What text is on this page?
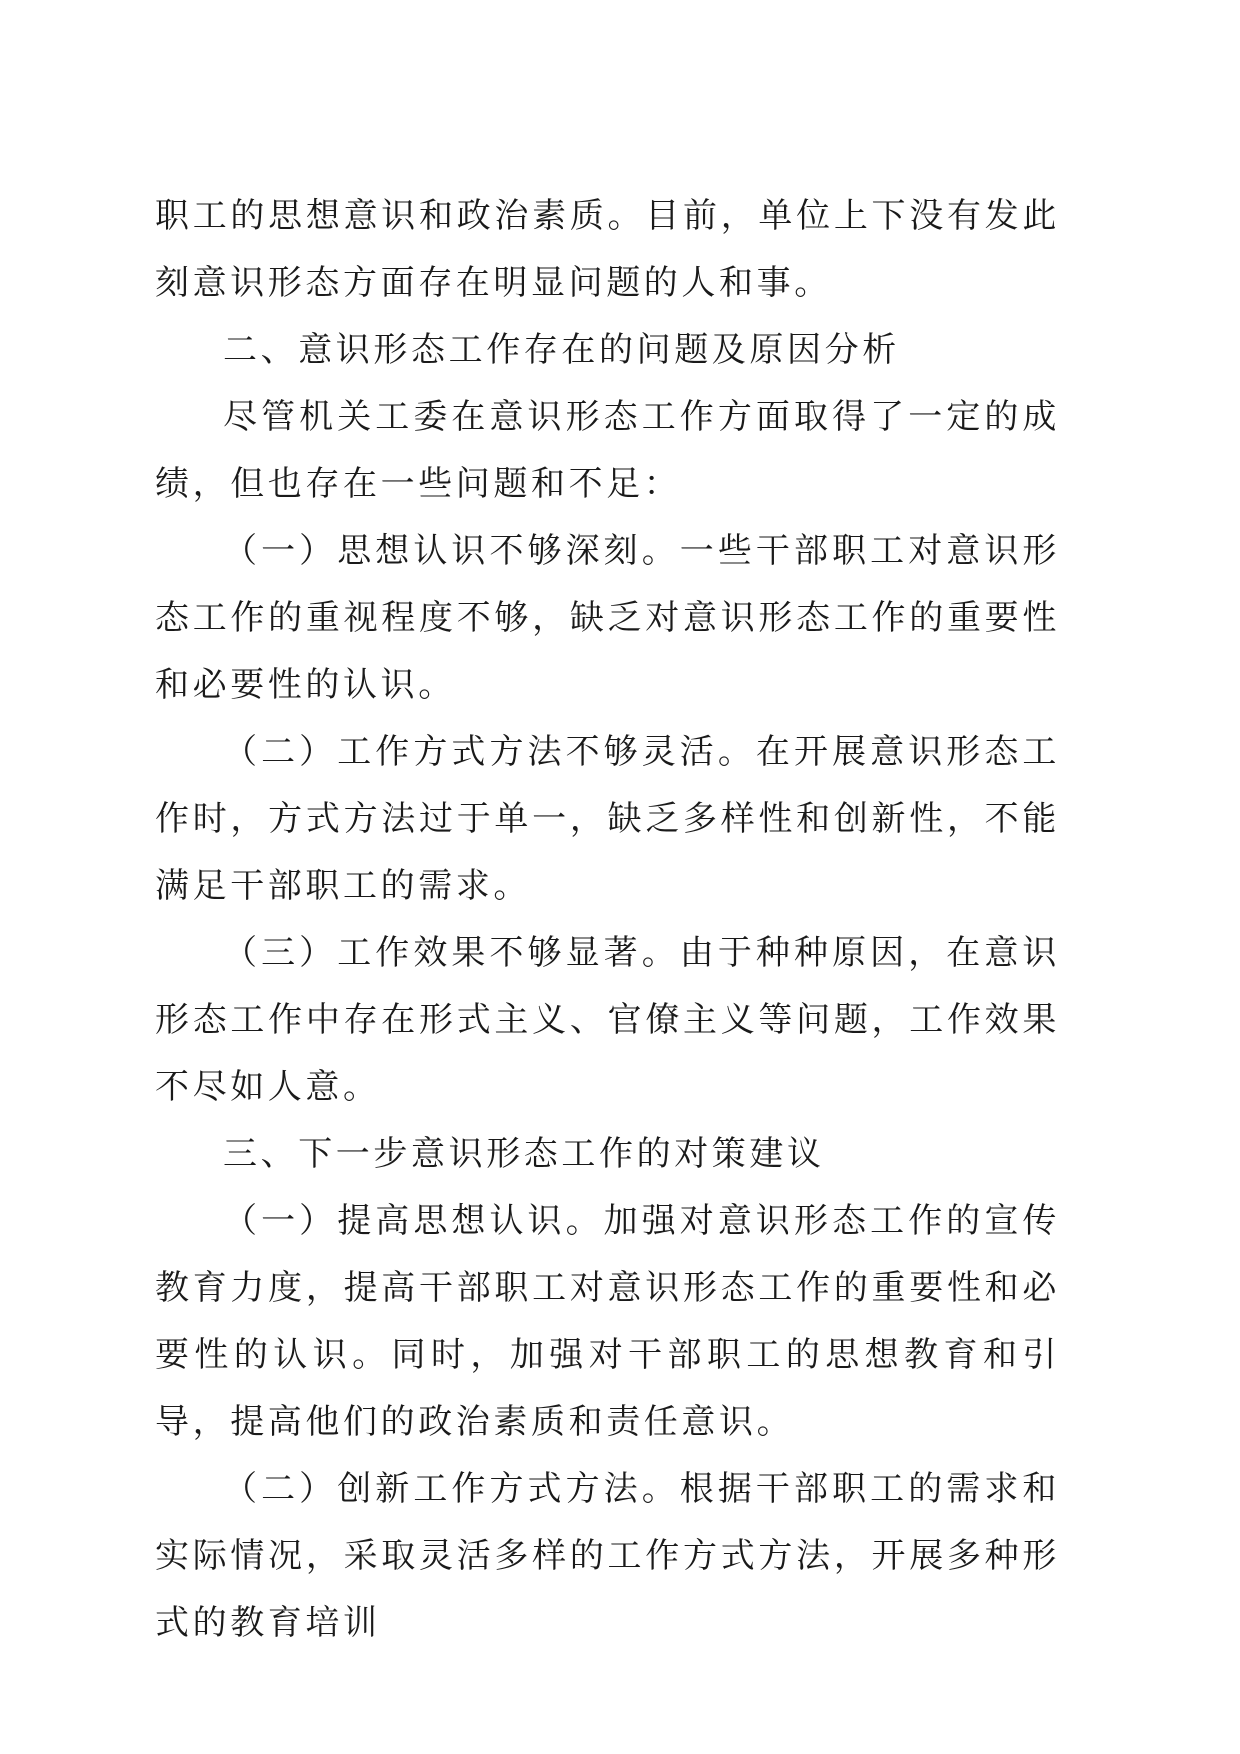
职工的思想意识和政治素质。目前，单位上下没有发此刻意识形态方面存在明显问题的人和事。

二、意识形态工作存在的问题及原因分析

尽管机关工委在意识形态工作方面取得了一定的成绩，但也存在一些问题和不足：

（一）思想认识不够深刻。一些干部职工对意识形态工作的重视程度不够，缺乏对意识形态工作的重要性和必要性的认识。

（二）工作方式方法不够灵活。在开展意识形态工作时，方式方法过于单一，缺乏多样性和创新性，不能满足干部职工的需求。

（三）工作效果不够显著。由于种种原因，在意识形态工作中存在形式主义、官僚主义等问题，工作效果不尽如人意。

三、下一步意识形态工作的对策建议

（一）提高思想认识。加强对意识形态工作的宣传教育力度，提高干部职工对意识形态工作的重要性和必要性的认识。同时，加强对干部职工的思想教育和引导，提高他们的政治素质和责任意识。

（二）创新工作方式方法。根据干部职工的需求和实际情况，采取灵活多样的工作方式方法，开展多种形式的教育培训
